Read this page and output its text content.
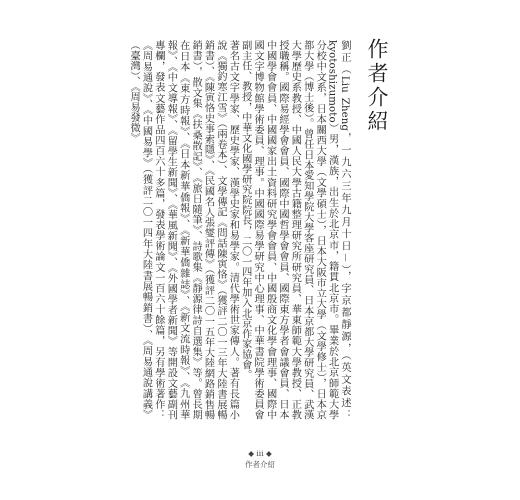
作者介紹
劉正（Liu Zheng，一九六三年九月十日－），字京都靜源，（英文表述：kyotoshizumoto）男，漢族，出生於北京市，籍貫北京市。畢業於北京師範大學分校中文系，日本關西大學（文學碩士），日本大阪市立大學（文學修士），日本京都大學（博士後）。曾任日本愛知學院大學客座研究員、日本京都大學研究員、武漢大學歷史系教授、中國人民大學古籍整理研究所研究員、華東師範大學教授、正教授職稱。國際易經學會會員、國際中國哲學會會員、國際東方學者會議會員、日本中國學會會員、中國國家出土資料研究學會會員、中國殷商文化學會理事、國際中國文字博物館學術委員、理事。中國國際易學研究中心理事、中華書院學術委員會副主任、教授，中華文化國學研究院院長，二〇一四年加入北京作家協會。
著名古文字學家、歷史學家、漢學史家和易學家。清代學術世家傳人。著有長篇小說《獨釣寒江雪》（兩卷本）、文學傳記《問話陳寅恪》（獲評二〇一三年大陸書展暢銷書）、《陳寅恪史事索隱》、《民國名人張燮評傳》（獲評二〇一五年大陸網路銷售暢銷書），散文集《扶桑散記》、《旅日隨筆》、詩歌集《靜源律詩自選集》等。曾長期在日本《東方時報》、《日本新華僑報》、《新華僑雜誌》、《新文流時報》、《九州華報》、《中文導報》、《留學生新聞》、《華風新聞》、《外國學者新聞》等開設文藝副刊專欄，發表文藝作品四百六十多篇，發表學術論文一百六十餘篇，另有學術著作：《周易通說》、《中國易學》（獲評二〇一四年大陸書展暢銷書）、《周易通說講義》（臺灣）、《周易發微》
◆ iii ◆
作者介紹
